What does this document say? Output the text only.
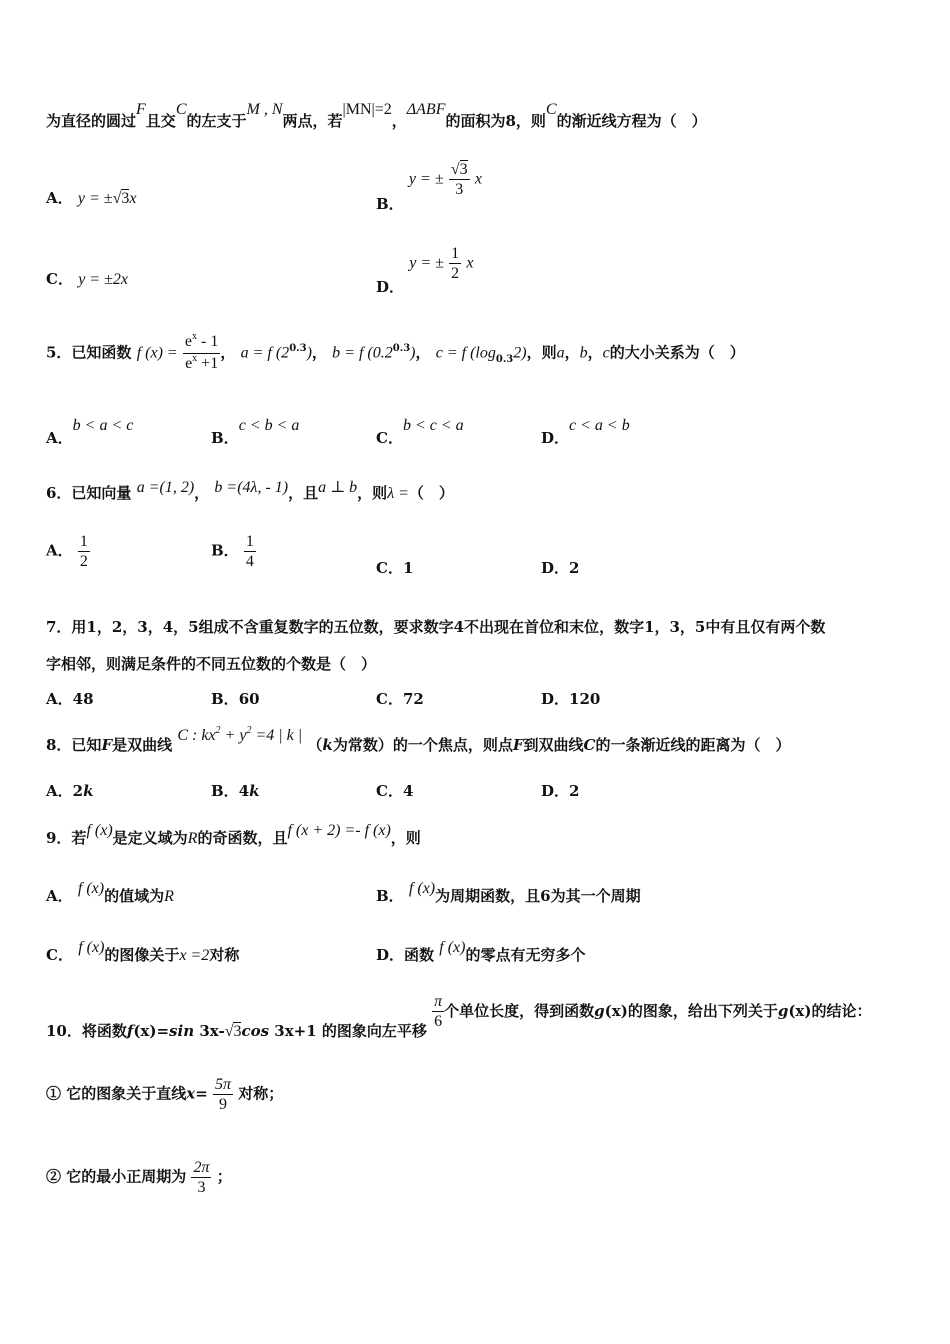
为直径的圆过F且交C的左支于M , N两点，若|MN|=2，ΔABF的面积为8，则C的渐近线方程为（　）
A． y = ±√3x	B． y = ± $\frac{√3}{3}$ x
C． y = ±2x	D． y = ± $\frac{1}{2}$ x
5．已知函数 f $(x) = \frac{e^x - 1}{e^x +1}$ ， a = f $(2^{0.3})$， b = f $(0.2^{0.3})$， c = f $(\log_{0.3}2)$，则a，b，c的大小关系为（　）
A．b < a < c
B．c < b < a
C．b < c < a
D．c < a < b
6．已知向量 a =(1, 2)， b =(4λ, - 1)，且a ⊥ b，则λ =（　）
A． $\frac{1}{2}$	B． $\frac{1}{4}$	C．1	D．2
7．用1，2，3，4，5组成不含重复数字的五位数，要求数字4不出现在首位和末位，数字1，3，5中有且仅有两个数
字相邻，则满足条件的不同五位数的个数是（　）
A．48	B．60	C．72	D．120
8．已知F是双曲线 C : $kx^2 + y^2 =4$ | k | （k为常数）的一个焦点，则点F到双曲线C的一条渐近线的距离为（　）
A．2k	B．4k	C．4	D．2
9．若f (x)是定义域为R的奇函数，且f (x + 2) =- f (x)，则
A． f (x)的值域为R	B． f (x)为周期函数，且6为其一个周期
C． f (x)的图像关于x =2对称	D．函数 f (x)的零点有无穷多个
10．将函数f(x)=sin 3x-√3cos 3x+1 的图象向左平移 $\frac{\pi}{6}$ 个单位长度，得到函数g(x)的图象，给出下列关于g(x)的结论：
① 它的图象关于直线$x= \frac{5\pi}{9}$ 对称；
② 它的最小正周期为 $\frac{2\pi}{3}$ ；
